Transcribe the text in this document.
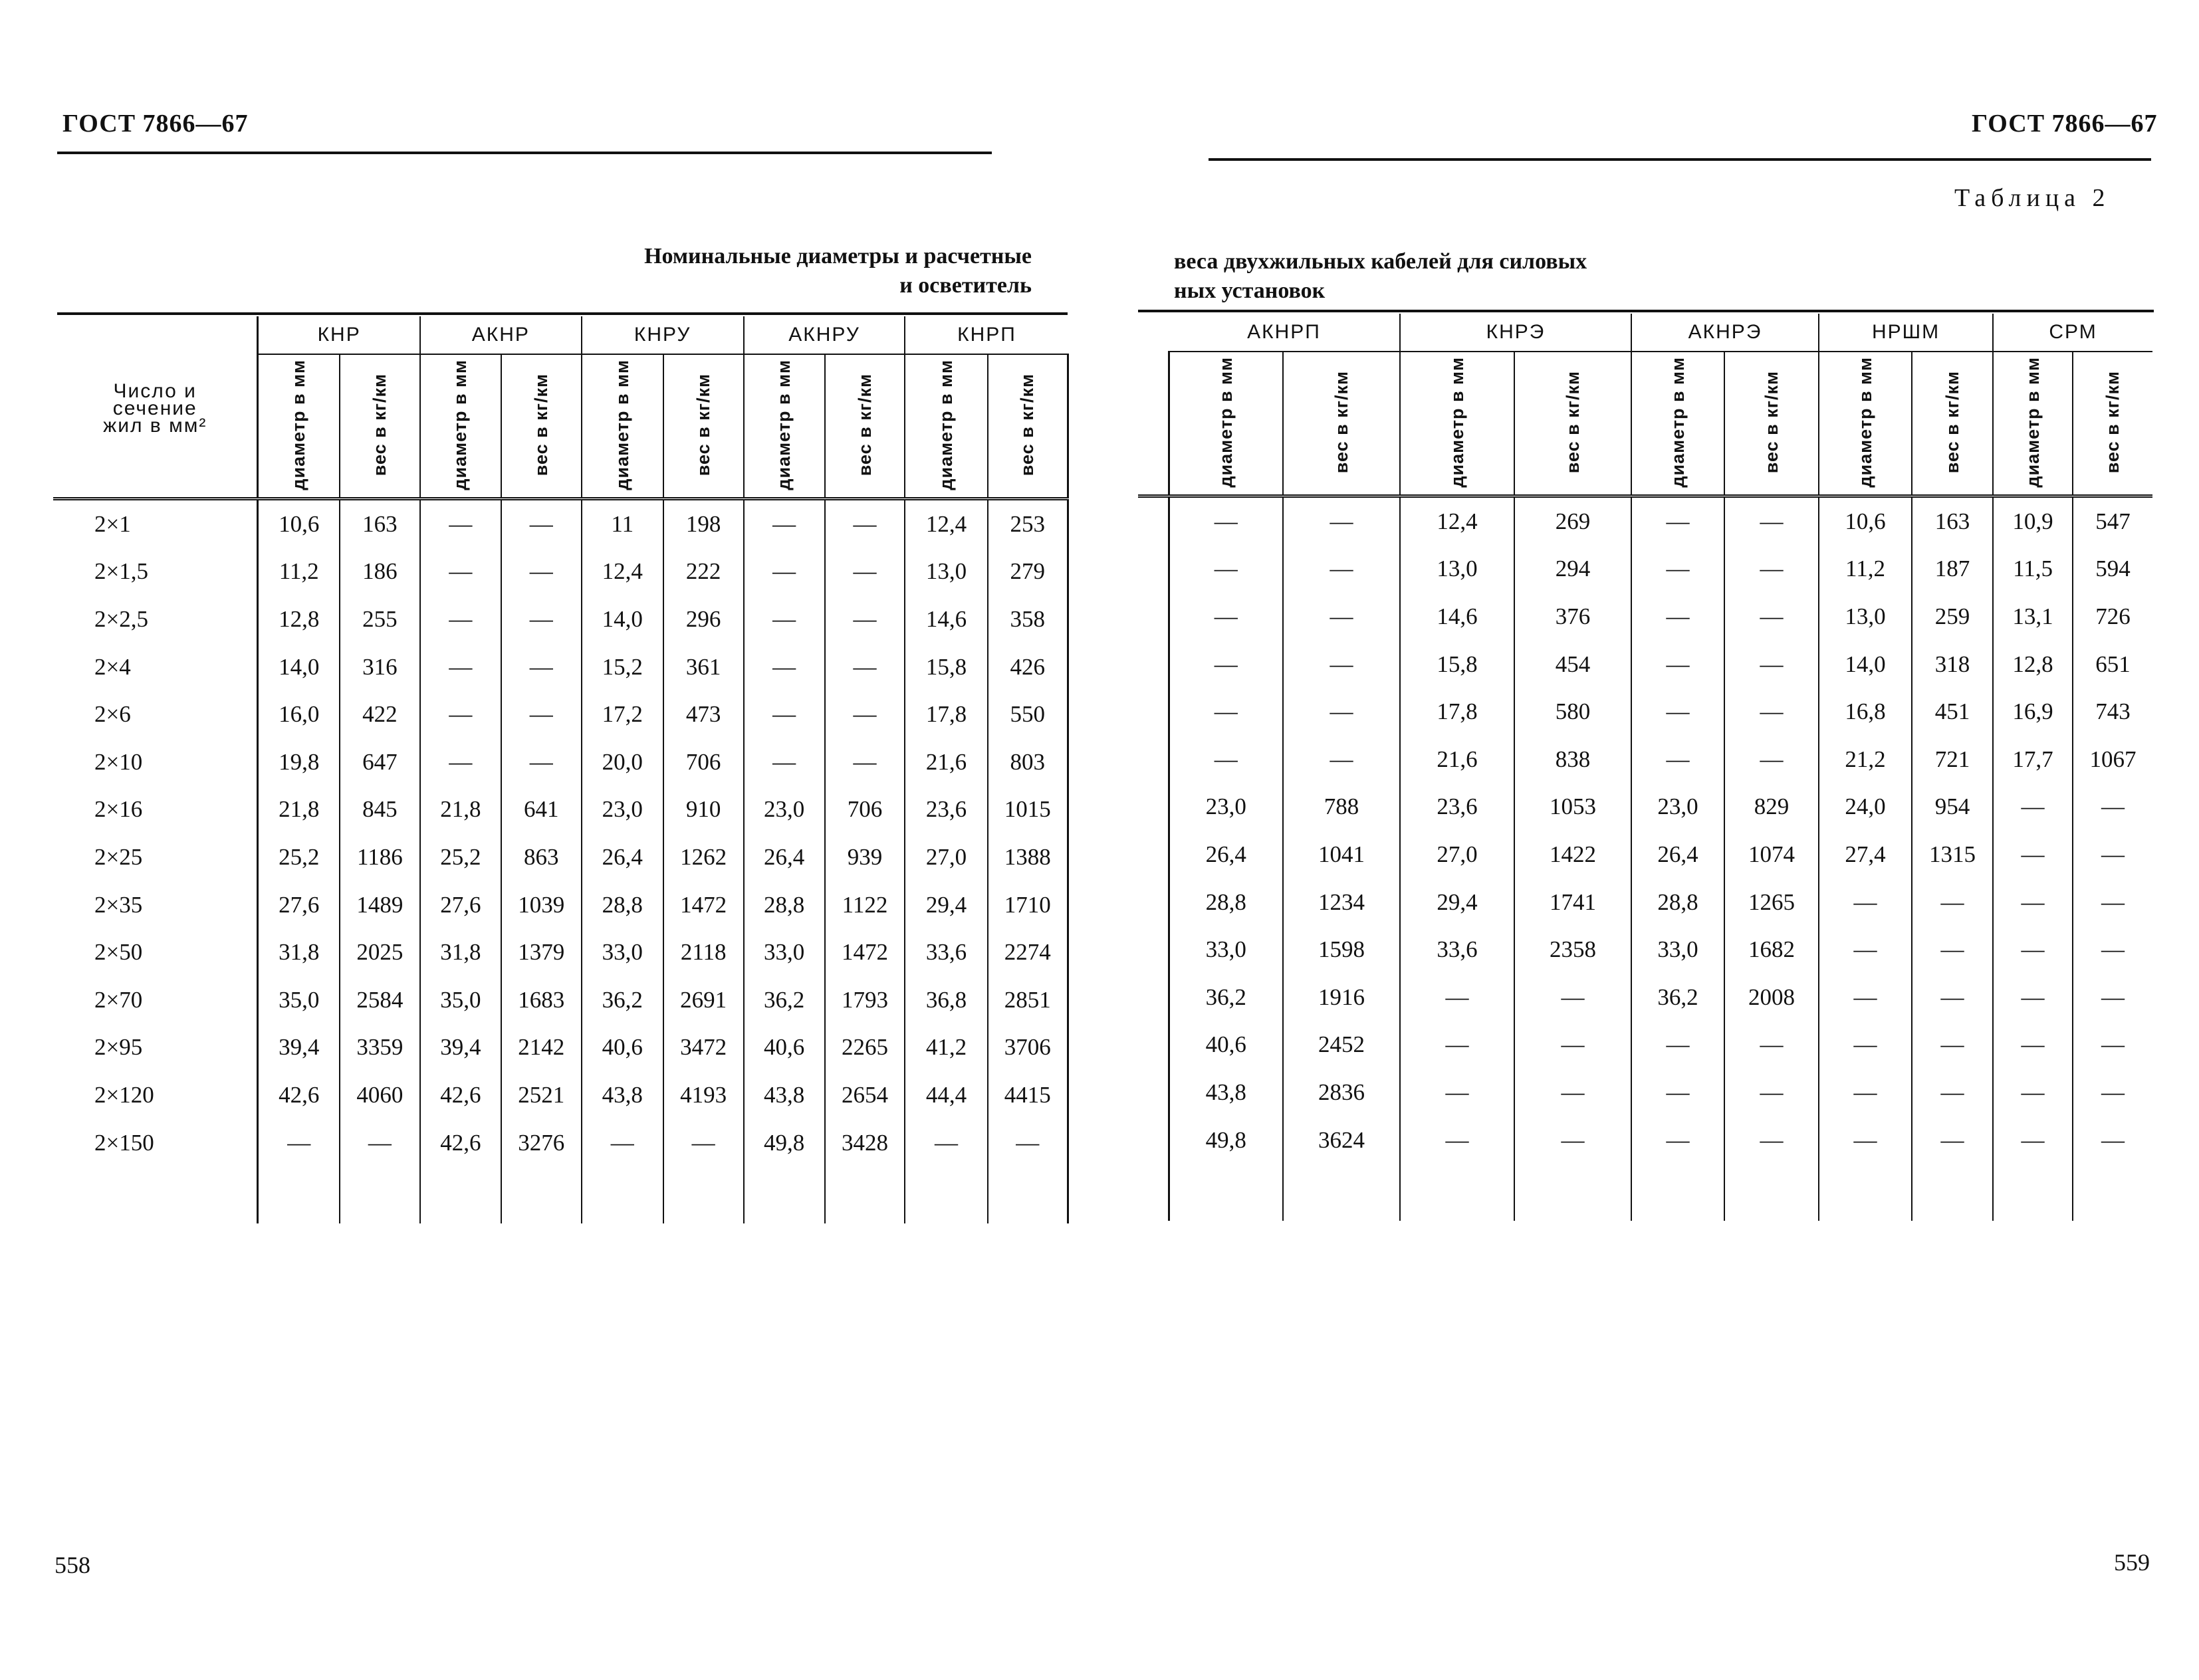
ГОСТ 7866—67
Номинальные диаметры и расчетные
и осветитель
Число и
сечение
жил в мм²	КНР		АКНР		КНРУ		АКНРУ		КНРП	
	диаметр в мм	вес в кг/км	диаметр в мм	вес в кг/км	диаметр в мм	вес в кг/км	диаметр в мм	вес в кг/км	диаметр в мм	вес в кг/км
2×1	10,6	163	—	—	11	198	—	—	12,4	253
2×1,5	11,2	186	—	—	12,4	222	—	—	13,0	279
2×2,5	12,8	255	—	—	14,0	296	—	—	14,6	358
2×4	14,0	316	—	—	15,2	361	—	—	15,8	426
2×6	16,0	422	—	—	17,2	473	—	—	17,8	550
2×10	19,8	647	—	—	20,0	706	—	—	21,6	803
2×16	21,8	845	21,8	641	23,0	910	23,0	706	23,6	1015
2×25	25,2	1186	25,2	863	26,4	1262	26,4	939	27,0	1388
2×35	27,6	1489	27,6	1039	28,8	1472	28,8	1122	29,4	1710
2×50	31,8	2025	31,8	1379	33,0	2118	33,0	1472	33,6	2274
2×70	35,0	2584	35,0	1683	36,2	2691	36,2	1793	36,8	2851
2×95	39,4	3359	39,4	2142	40,6	3472	40,6	2265	41,2	3706
2×120	42,6	4060	42,6	2521	43,8	4193	43,8	2654	44,4	4415
2×150	—	—	42,6	3276	—	—	49,8	3428	—	—

558
ГОСТ 7866—67
Таблица 2
веса двухжильных кабелей для силовых
ных установок
	АКНРП		КНРЭ		АКНРЭ		НРШМ		СРМ	
	диаметр в мм	вес в кг/км	диаметр в мм	вес в кг/км	диаметр в мм	вес в кг/км	диаметр в мм	вес в кг/км	диаметр в мм	вес в кг/км
	—	—	12,4	269	—	—	10,6	163	10,9	547
	—	—	13,0	294	—	—	11,2	187	11,5	594
	—	—	14,6	376	—	—	13,0	259	13,1	726
	—	—	15,8	454	—	—	14,0	318	12,8	651
	—	—	17,8	580	—	—	16,8	451	16,9	743
	—	—	21,6	838	—	—	21,2	721	17,7	1067
	23,0	788	23,6	1053	23,0	829	24,0	954	—	—
	26,4	1041	27,0	1422	26,4	1074	27,4	1315	—	—
	28,8	1234	29,4	1741	28,8	1265	—	—	—	—
	33,0	1598	33,6	2358	33,0	1682	—	—	—	—
	36,2	1916	—	—	36,2	2008	—	—	—	—
	40,6	2452	—	—	—	—	—	—	—	—
	43,8	2836	—	—	—	—	—	—	—	—
	49,8	3624	—	—	—	—	—	—	—	—

559
